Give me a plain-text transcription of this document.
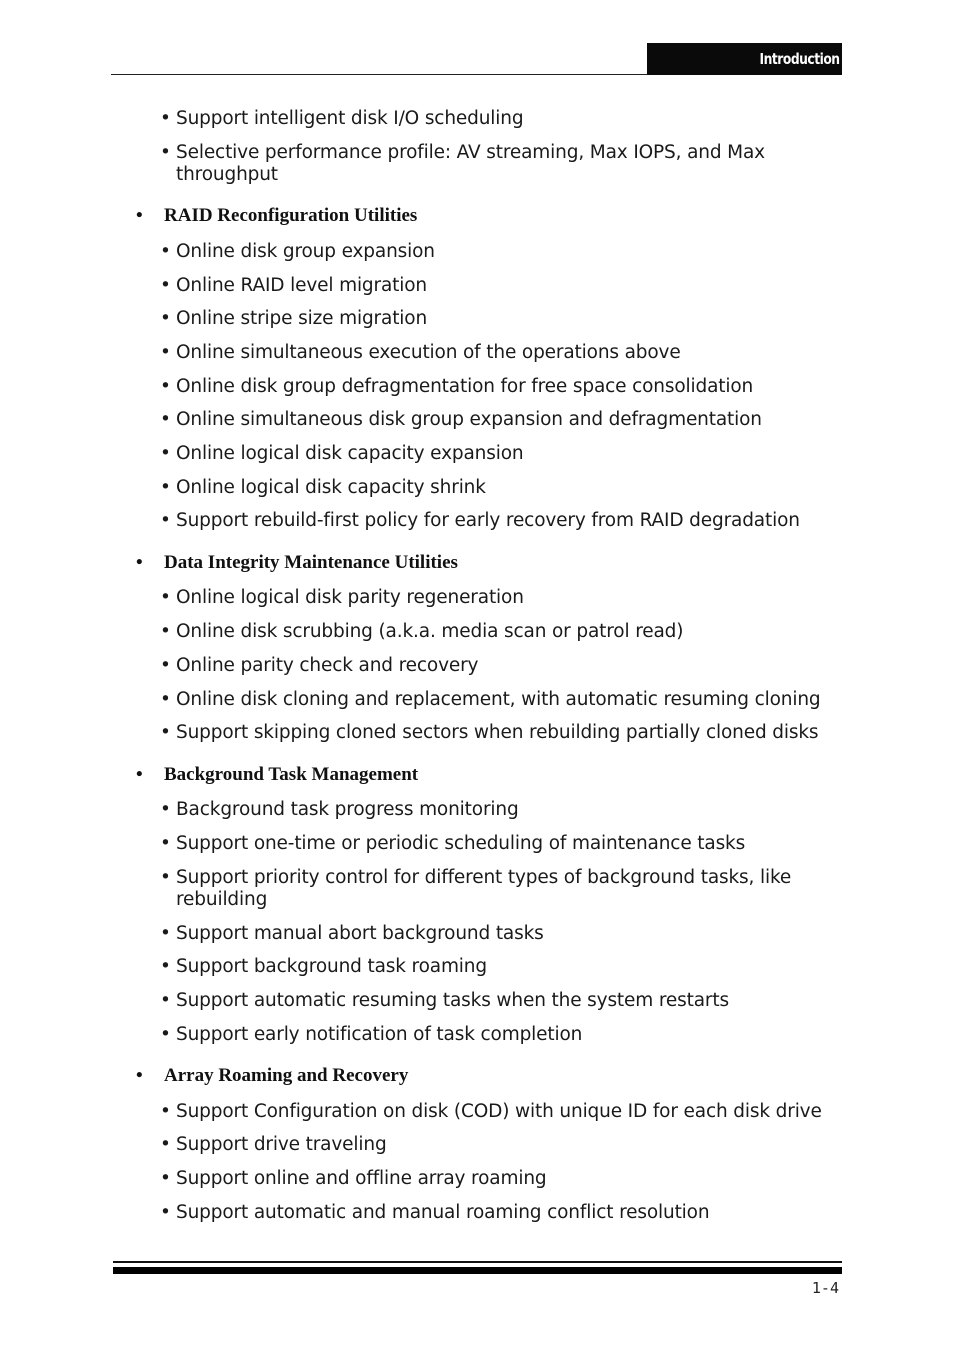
Introduction
• Support intelligent disk I/O scheduling
• Selective performance profile: AV streaming, Max IOPS, and Max throughput
•	RAID Reconfiguration Utilities
• Online disk group expansion
• Online RAID level migration
• Online stripe size migration
• Online simultaneous execution of the operations above
• Online disk group defragmentation for free space consolidation
• Online simultaneous disk group expansion and defragmentation
• Online logical disk capacity expansion
• Online logical disk capacity shrink
• Support rebuild-first policy for early recovery from RAID degradation
•	Data Integrity Maintenance Utilities
• Online logical disk parity regeneration
• Online disk scrubbing (a.k.a. media scan or patrol read)
• Online parity check and recovery
• Online disk cloning and replacement, with automatic resuming cloning
• Support skipping cloned sectors when rebuilding partially cloned disks
•	Background Task Management
• Background task progress monitoring
• Support one-time or periodic scheduling of maintenance tasks
• Support priority control for different types of background tasks, like rebuilding
• Support manual abort background tasks
• Support background task roaming
• Support automatic resuming tasks when the system restarts
• Support early notification of task completion
•	Array Roaming and Recovery
• Support Configuration on disk (COD) with unique ID for each disk drive
• Support drive traveling
• Support online and offline array roaming
• Support automatic and manual roaming conflict resolution
1-4
